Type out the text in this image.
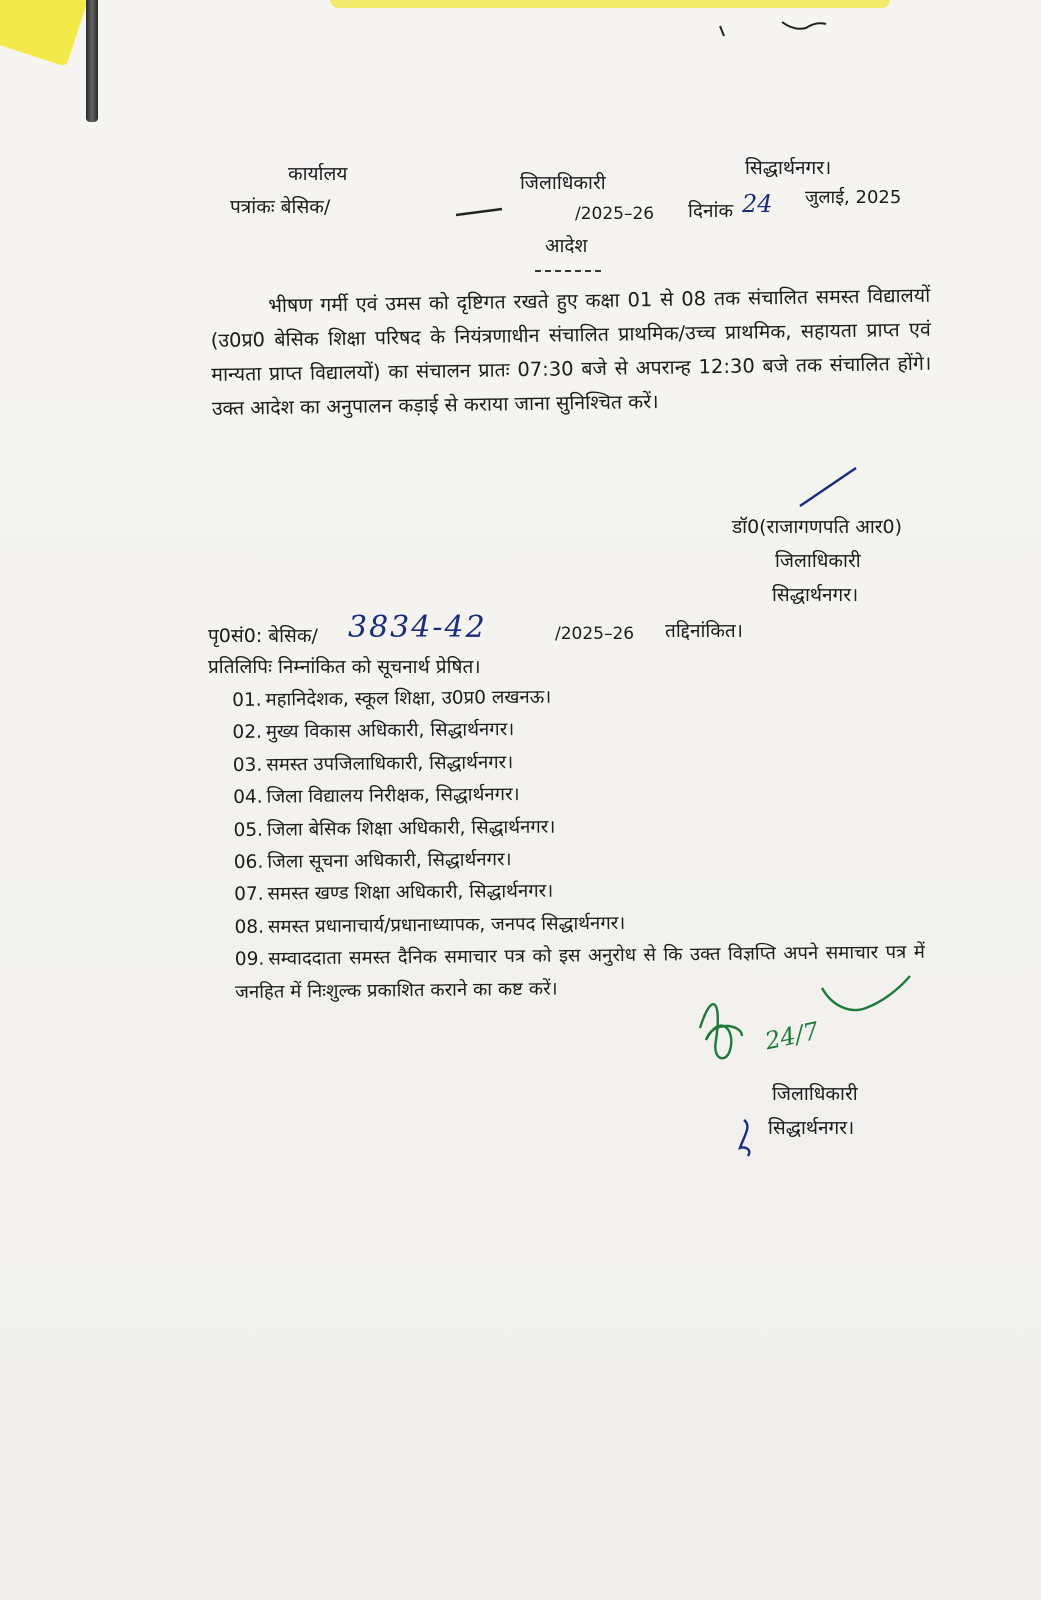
कार्यालय	जिलाधिकारी
सिद्धार्थनगर।
पत्रांकः बेसिक/	/2025–26 दिनांक 24 जुलाई, 2025
आदेश
भीषण गर्मी एवं उमस को दृष्टिगत रखते हुए कक्षा 01 से 08 तक संचालित समस्त विद्यालयों (उ0प्र0 बेसिक शिक्षा परिषद के नियंत्रणाधीन संचालित प्राथमिक/उच्च प्राथमिक, सहायता प्राप्त एवं मान्यता प्राप्त विद्यालयों) का संचालन प्रातः 07:30 बजे से अपरान्ह 12:30 बजे तक संचालित होंगे। उक्त आदेश का अनुपालन कड़ाई से कराया जाना सुनिश्चित करें।
डॉ0(राजागणपति आर0)
जिलाधिकारी
सिद्धार्थनगर।
पृ0सं0: बेसिक/ 3834-42	/2025–26 तद्दिनांकित।
प्रतिलिपिः निम्नांकित को सूचनार्थ प्रेषित।
01. महानिदेशक, स्कूल शिक्षा, उ0प्र0 लखनऊ।
02. मुख्य विकास अधिकारी, सिद्धार्थनगर।
03. समस्त उपजिलाधिकारी, सिद्धार्थनगर।
04. जिला विद्यालय निरीक्षक, सिद्धार्थनगर।
05. जिला बेसिक शिक्षा अधिकारी, सिद्धार्थनगर।
06. जिला सूचना अधिकारी, सिद्धार्थनगर।
07. समस्त खण्ड शिक्षा अधिकारी, सिद्धार्थनगर।
08. समस्त प्रधानाचार्य/प्रधानाध्यापक, जनपद सिद्धार्थनगर।
09. सम्वाददाता समस्त दैनिक समाचार पत्र को इस अनुरोध से कि उक्त विज्ञप्ति अपने समाचार पत्र में जनहित में निःशुल्क प्रकाशित कराने का कष्ट करें।
24/7
जिलाधिकारी
सिद्धार्थनगर।
